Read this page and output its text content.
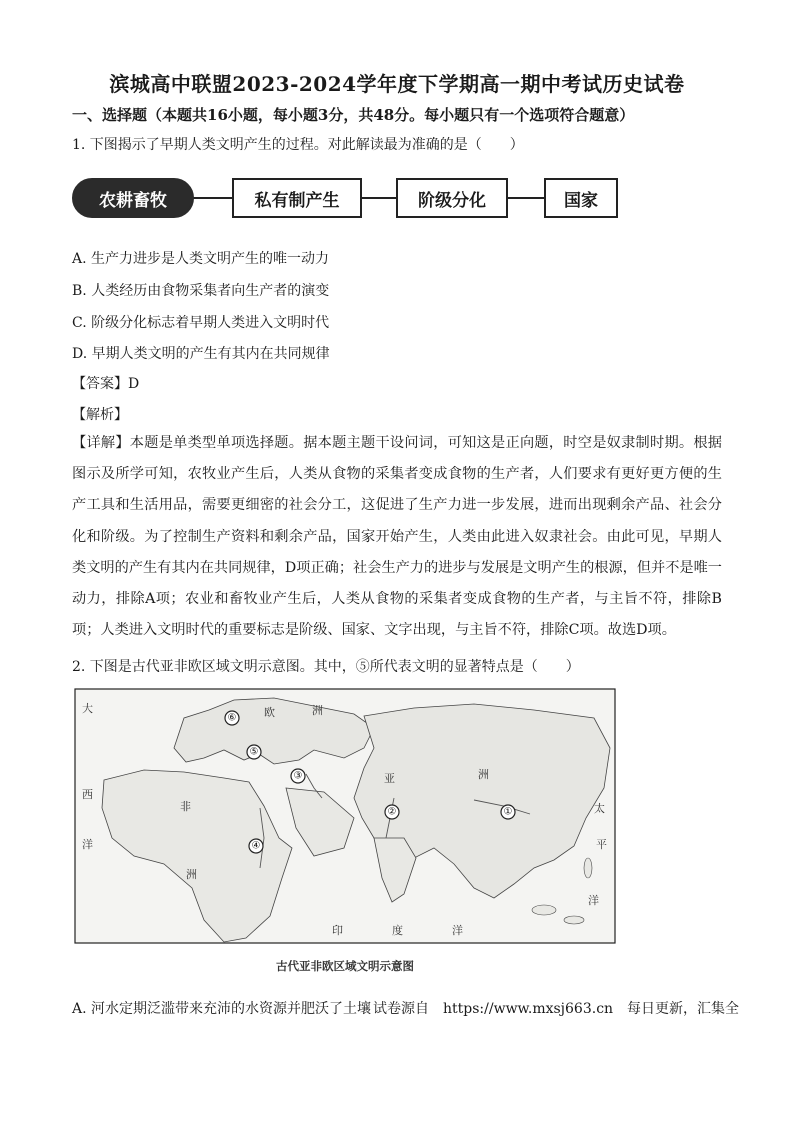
滨城高中联盟2023-2024学年度下学期高一期中考试历史试卷
一、选择题（本题共16小题，每小题3分，共48分。每小题只有一个选项符合题意）
1. 下图揭示了早期人类文明产生的过程。对此解读最为准确的是（　　）
农耕畜牧	私有制产生	阶级分化	国家
A. 生产力进步是人类文明产生的唯一动力
B. 人类经历由食物采集者向生产者的演变
C. 阶级分化标志着早期人类进入文明时代
D. 早期人类文明的产生有其内在共同规律
【答案】D
【解析】
【详解】本题是单类型单项选择题。据本题主题干设问词，可知这是正向题，时空是奴隶制时期。根据图示及所学可知，农牧业产生后，人类从食物的采集者变成食物的生产者，人们要求有更好更方便的生产工具和生活用品，需要更细密的社会分工，这促进了生产力进一步发展，进而出现剩余产品、社会分化和阶级。为了控制生产资料和剩余产品，国家开始产生，人类由此进入奴隶社会。由此可见，早期人类文明的产生有其内在共同规律，D项正确；社会生产力的进步与发展是文明产生的根源，但并不是唯一动力，排除A项；农业和畜牧业产生后，人类从食物的采集者变成食物的生产者，与主旨不符，排除B项；人类进入文明时代的重要标志是阶级、国家、文字出现，与主旨不符，排除C项。故选D项。
2. 下图是古代亚非欧区域文明示意图。其中，⑤所代表文明的显著特点是（　　）
大
西
洋
欧	洲
非
洲
亚	洲
印	度	洋
太
平
洋
①
②
③
④
⑤
⑥
古代亚非欧区域文明示意图
A. 河水定期泛滥带来充沛的水资源并肥沃了土壤 试卷源自　https://www.mxsj663.cn　每日更新，汇集全
